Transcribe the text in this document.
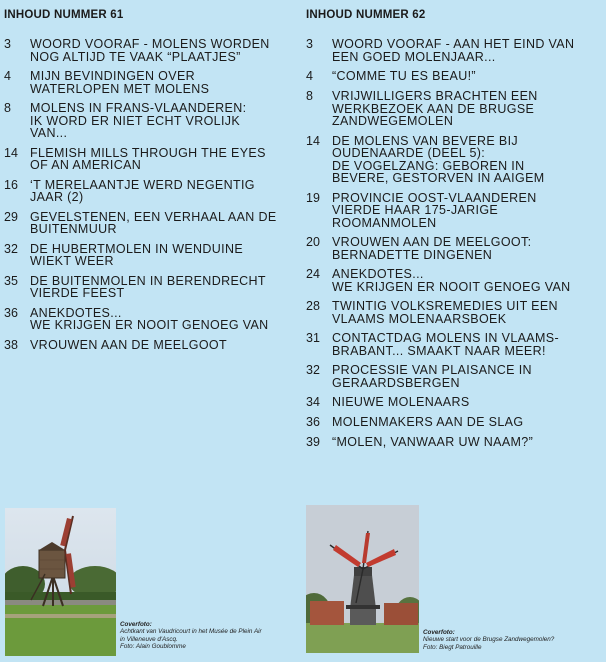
INHOUD NUMMER 61
3	WOORD VOORAF - MOLENS WORDEN
NOG ALTIJD TE VAAK “PLAATJES”
4	MIJN BEVINDINGEN OVER
WATERLOPEN MET MOLENS
8	MOLENS IN FRANS-VLAANDEREN:
IK WORD ER NIET ECHT VROLIJK
VAN...
14 FLEMISH MILLS THROUGH THE EYES
OF AN AMERICAN
16 ‘T MERELAANTJE WERD NEGENTIG
JAAR (2)
29 GEVELSTENEN, EEN VERHAAL AAN DE
BUITENMUUR
32 DE HUBERTMOLEN IN WENDUINE
WIEKT WEER
35 DE BUITENMOLEN IN BERENDRECHT
VIERDE FEEST
36 ANEKDOTES...
WE KRIJGEN ER NOOIT GENOEG VAN
38 VROUWEN AAN DE MEELGOOT
Coverfoto:
Achtkant van Vaudricourt in het Musée de Plein Air
in Villeneuve d'Ascq.
Foto: Alain Goublomme
INHOUD NUMMER 62
3	WOORD VOORAF - AAN HET EIND VAN
EEN GOED MOLENJAAR...
4	“COMME TU ES BEAU!”
8	VRIJWILLIGERS BRACHTEN EEN
WERKBEZOEK AAN DE BRUGSE
ZANDWEGEMOLEN
14 DE MOLENS VAN BEVERE BIJ
OUDENAARDE (DEEL 5):
DE VOGELZANG: GEBOREN IN
BEVERE, GESTORVEN IN AAIGEM
19 PROVINCIE OOST-VLAANDEREN
VIERDE HAAR 175-JARIGE
ROOMANMOLEN
20 VROUWEN AAN DE MEELGOOT:
BERNADETTE DINGENEN
24 ANEKDOTES...
WE KRIJGEN ER NOOIT GENOEG VAN
28 TWINTIG VOLKSREMEDIES UIT EEN
VLAAMS MOLENAARSBOEK
31 CONTACTDAG MOLENS IN VLAAMS-
BRABANT... SMAAKT NAAR MEER!
32 PROCESSIE VAN PLAISANCE IN
GERAARDSBERGEN
34 NIEUWE MOLENAARS
36 MOLENMAKERS AAN DE SLAG
39 “MOLEN, VANWAAR UW NAAM?”
Coverfoto:
Nieuwe start voor de Brugse Zandwegemolen?
Foto: Biegt Patrouille
